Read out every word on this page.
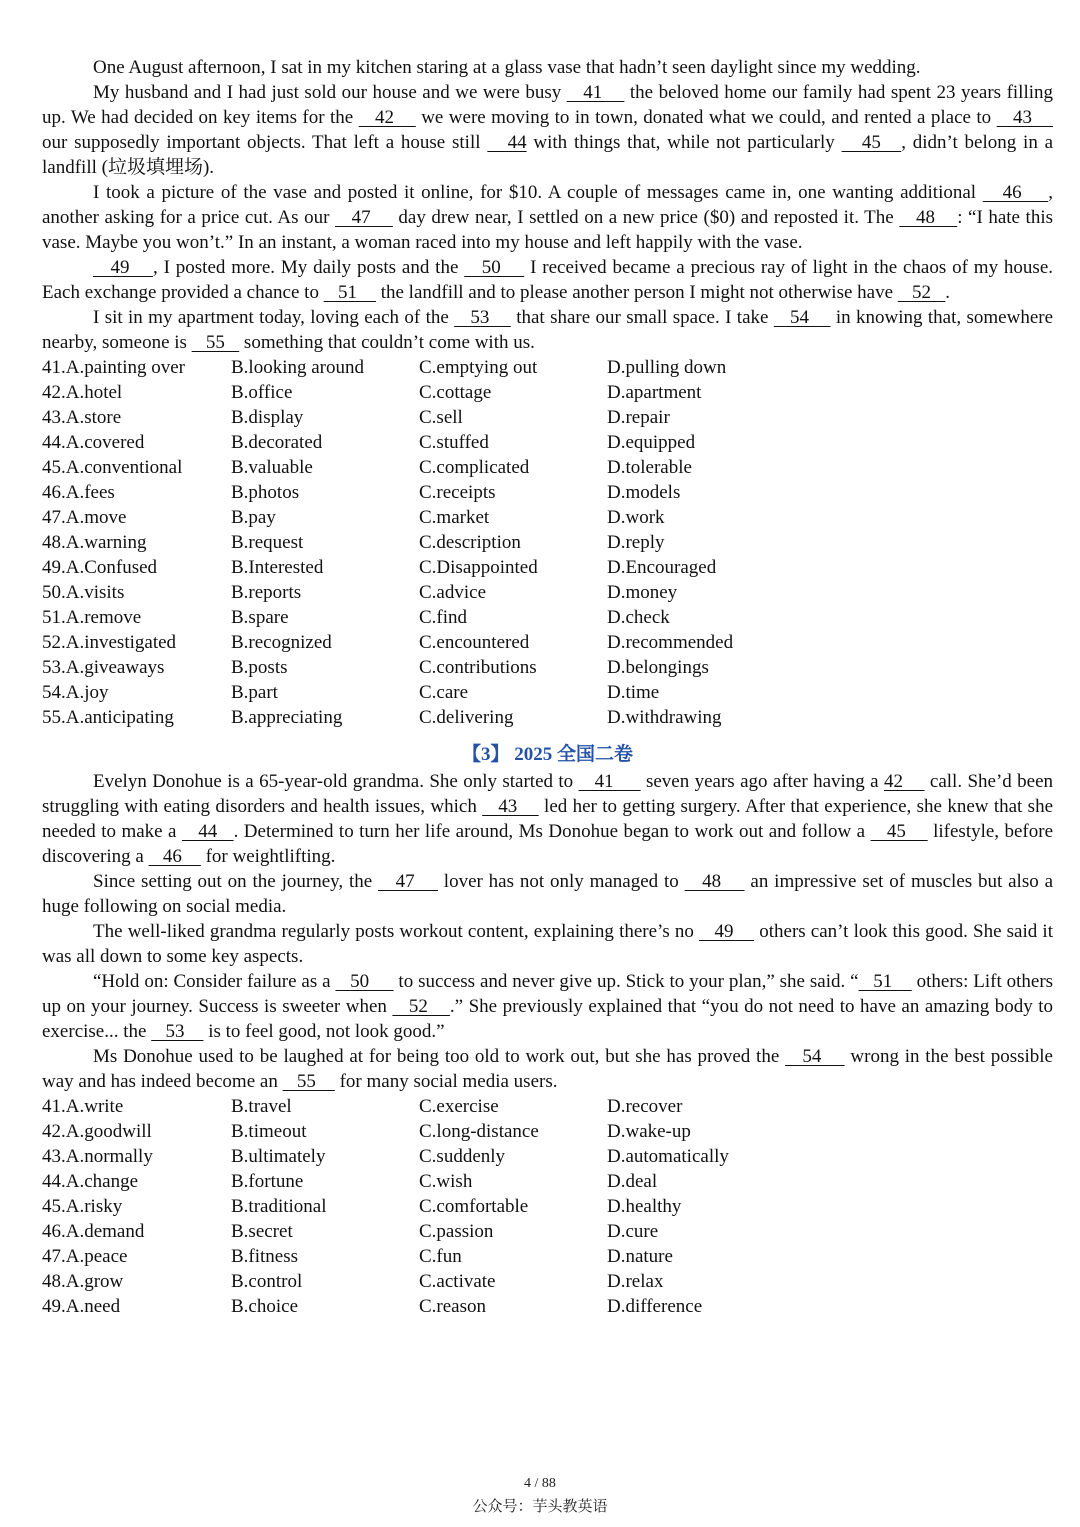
One August afternoon, I sat in my kitchen staring at a glass vase that hadn’t seen daylight since my wedding.

My husband and I had just sold our house and we were busy    41     the beloved home our family had spent 23 years filling up. We had decided on key items for the    42     we were moving to in town, donated what we could, and rented a place to    43     our supposedly important objects. That left a house still    44 with things that, while not particularly    45   , didn’t belong in a landfill (垃圾填埋场).

I took a picture of the vase and posted it online, for $10. A couple of messages came in, one wanting additional    46    , another asking for a price cut. As our    47     day drew near, I settled on a new price ($0) and reposted it. The    48    : “I hate this vase. Maybe you won’t.” In an instant, a woman raced into my house and left happily with the vase.

49    , I posted more. My daily posts and the    50     I received became a precious ray of light in the chaos of my house. Each exchange provided a chance to    51     the landfill and to please another person I might not otherwise have    52   .

I sit in my apartment today, loving each of the    53     that share our small space. I take    54     in knowing that, somewhere nearby, someone is    55    something that couldn’t come with us.

41.A.painting over	B.looking around	C.emptying out	D.pulling down
42.A.hotel	B.office	C.cottage	D.apartment
43.A.store	B.display	C.sell	D.repair
44.A.covered	B.decorated	C.stuffed	D.equipped
45.A.conventional	B.valuable	C.complicated	D.tolerable
46.A.fees	B.photos	C.receipts	D.models
47.A.move	B.pay	C.market	D.work
48.A.warning	B.request	C.description	D.reply
49.A.Confused	B.Interested	C.Disappointed	D.Encouraged
50.A.visits	B.reports	C.advice	D.money
51.A.remove	B.spare	C.find	D.check
52.A.investigated	B.recognized	C.encountered	D.recommended
53.A.giveaways	B.posts	C.contributions	D.belongings
54.A.joy	B.part	C.care	D.time
55.A.anticipating	B.appreciating	C.delivering	D.withdrawing
【3】 2025 全国二卷

Evelyn Donohue is a 65-year-old grandma. She only started to    41      seven years ago after having a 42     call. She’d been struggling with eating disorders and health issues, which    43     led her to getting surgery. After that experience, she knew that she needed to make a    44   . Determined to turn her life around, Ms Donohue began to work out and follow a    45     lifestyle, before discovering a    46     for weightlifting.

Since setting out on the journey, the    47     lover has not only managed to    48     an impressive set of muscles but also a huge following on social media.

The well-liked grandma regularly posts workout content, explaining there’s no    49     others can’t look this good. She said it was all down to some key aspects.

“Hold on: Consider failure as a    50      to success and never give up. Stick to your plan,” she said. “   51     others: Lift others up on your journey. Success is sweeter when    52    .” She previously explained that “you do not need to have an amazing body to exercise... the    53     is to feel good, not look good.”

Ms Donohue used to be laughed at for being too old to work out, but she has proved the    54     wrong in the best possible way and has indeed become an    55     for many social media users.

41.A.write	B.travel	C.exercise	D.recover
42.A.goodwill	B.timeout	C.long-distance	D.wake-up
43.A.normally	B.ultimately	C.suddenly	D.automatically
44.A.change	B.fortune	C.wish	D.deal
45.A.risky	B.traditional	C.comfortable	D.healthy
46.A.demand	B.secret	C.passion	D.cure
47.A.peace	B.fitness	C.fun	D.nature
48.A.grow	B.control	C.activate	D.relax
49.A.need	B.choice	C.reason	D.difference
4 / 88
公众号：芋头教英语
